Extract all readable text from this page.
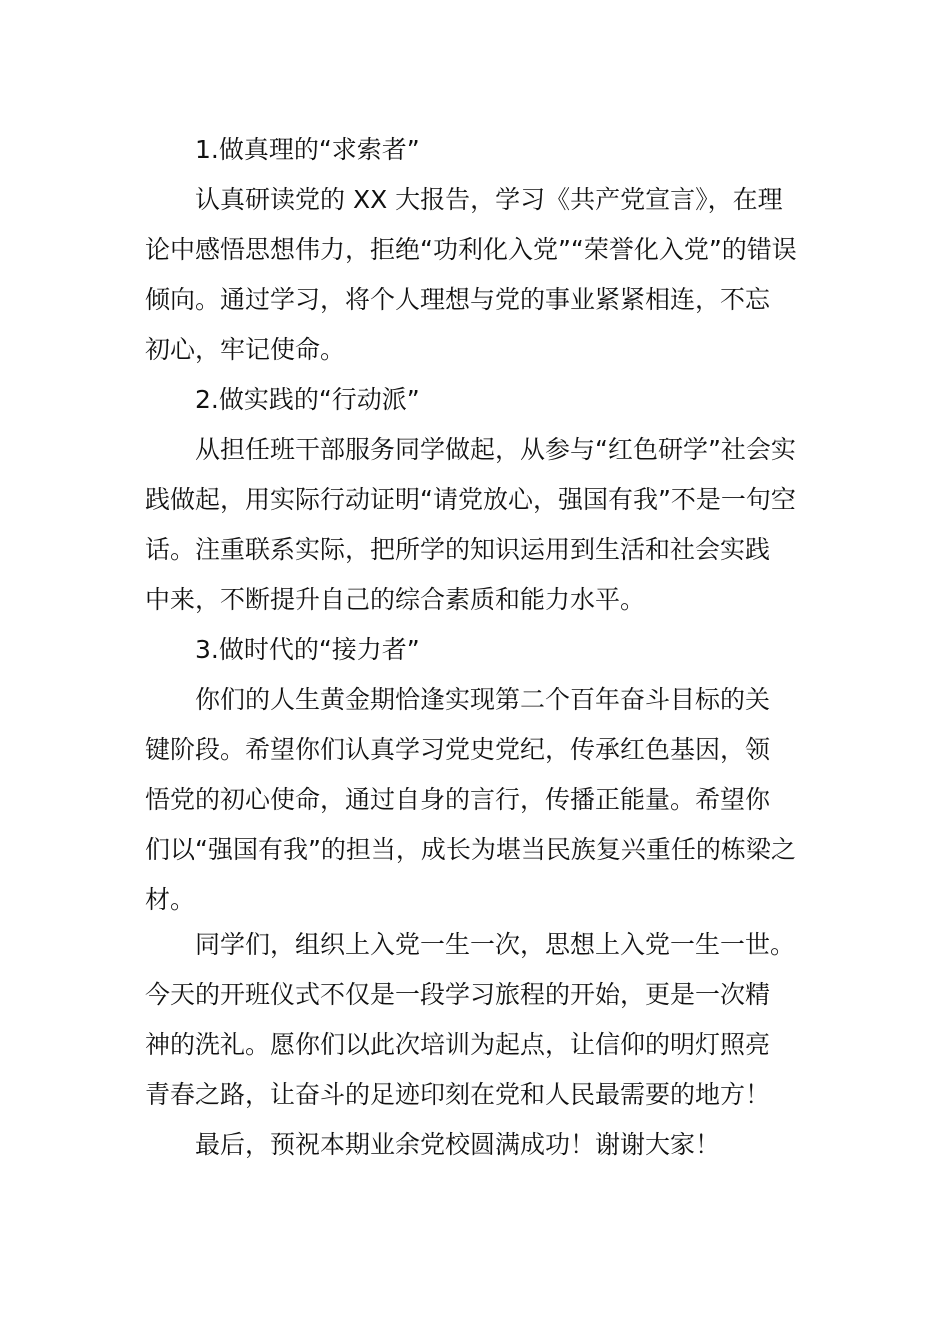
1.做真理的“求索者”
认真研读党的 XX 大报告，学习《共产党宣言》，在理
论中感悟思想伟力，拒绝“功利化入党”“荣誉化入党”的错误
倾向。通过学习，将个人理想与党的事业紧紧相连，不忘
初心，牢记使命。
2.做实践的“行动派”
从担任班干部服务同学做起，从参与“红色研学”社会实
践做起，用实际行动证明“请党放心，强国有我”不是一句空
话。注重联系实际，把所学的知识运用到生活和社会实践
中来，不断提升自己的综合素质和能力水平。
3.做时代的“接力者”
你们的人生黄金期恰逢实现第二个百年奋斗目标的关
键阶段。希望你们认真学习党史党纪，传承红色基因，领
悟党的初心使命，通过自身的言行，传播正能量。希望你
们以“强国有我”的担当，成长为堪当民族复兴重任的栋梁之
材。
同学们，组织上入党一生一次，思想上入党一生一世。
今天的开班仪式不仅是一段学习旅程的开始，更是一次精
神的洗礼。愿你们以此次培训为起点，让信仰的明灯照亮
青春之路，让奋斗的足迹印刻在党和人民最需要的地方！
最后，预祝本期业余党校圆满成功！谢谢大家！
